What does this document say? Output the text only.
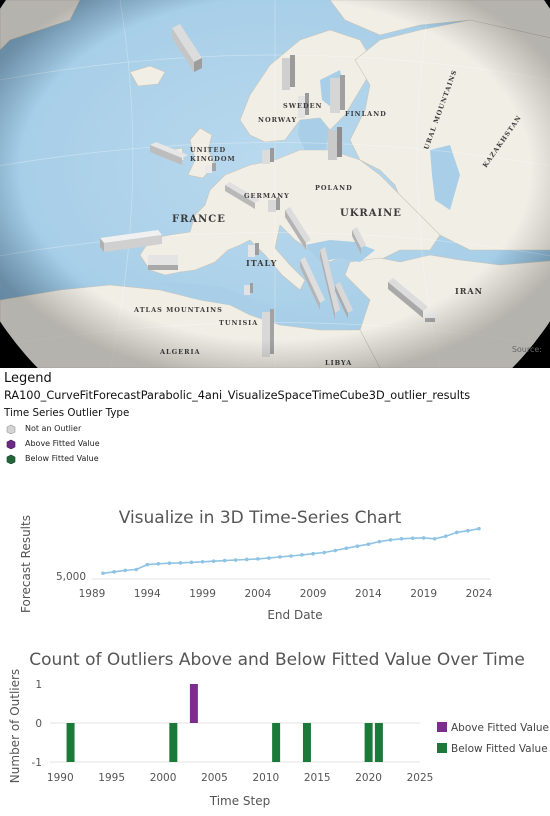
Source:
Legend
RA100_CurveFitForecastParabolic_4ani_VisualizeSpaceTimeCube3D_outlier_results
Time Series Outlier Type
Not an Outlier
Above Fitted Value
Below Fitted Value
Visualize in 3D Time-Series Chart
Forecast Results
End Date
5,000
1989	1994	1999	2004	2009	2014	2019	2024
Count of Outliers Above and Below Fitted Value Over Time
Number of Outliers
Time Step
1
0
-1
1990 1995 2000 2005 2010 2015 2020 2025
Above Fitted Value
Below Fitted Value
